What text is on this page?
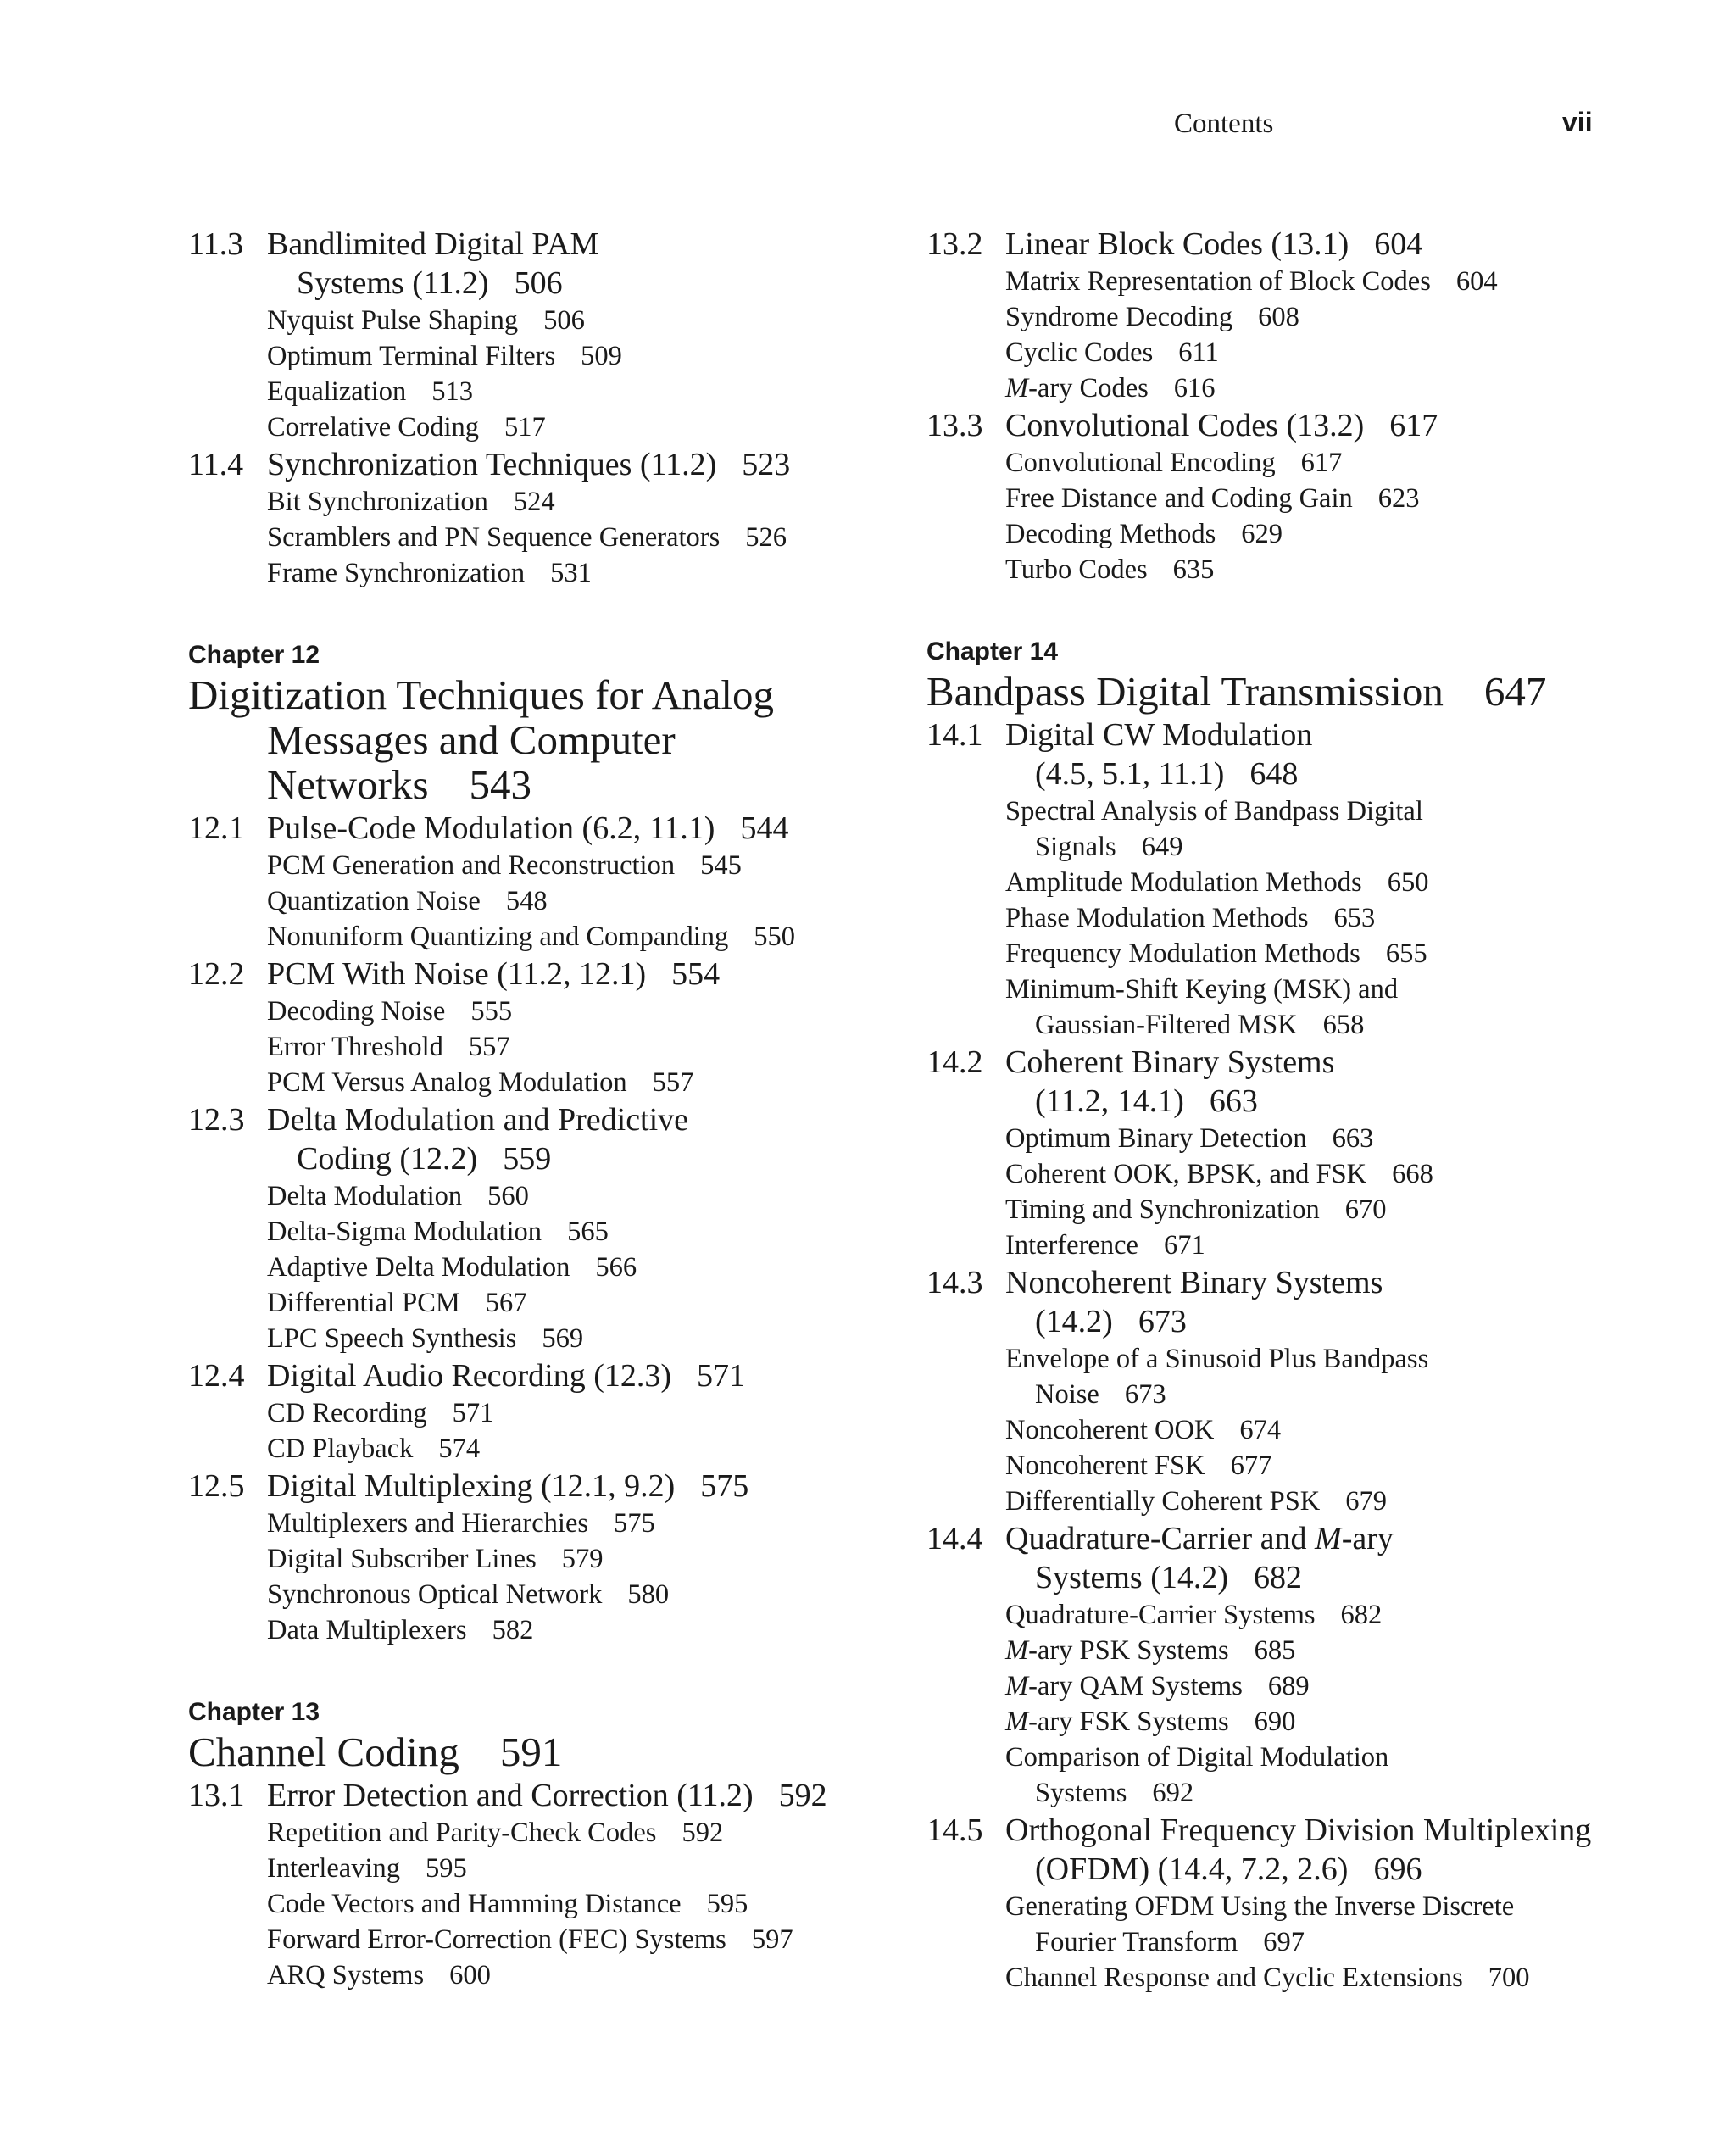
Contents	vii
11.3 Bandlimited Digital PAM
Systems (11.2) 506
Nyquist Pulse Shaping 506
Optimum Terminal Filters 509
Equalization 513
Correlative Coding 517
11.4 Synchronization Techniques (11.2) 523
Bit Synchronization 524
Scramblers and PN Sequence Generators 526
Frame Synchronization 531
Chapter 12
Digitization Techniques for Analog
Messages and Computer
Networks 543
12.1 Pulse-Code Modulation (6.2, 11.1) 544
PCM Generation and Reconstruction 545
Quantization Noise 548
Nonuniform Quantizing and Companding 550
12.2 PCM With Noise (11.2, 12.1) 554
Decoding Noise 555
Error Threshold 557
PCM Versus Analog Modulation 557
12.3 Delta Modulation and Predictive
Coding (12.2) 559
Delta Modulation 560
Delta-Sigma Modulation 565
Adaptive Delta Modulation 566
Differential PCM 567
LPC Speech Synthesis 569
12.4 Digital Audio Recording (12.3) 571
CD Recording 571
CD Playback 574
12.5 Digital Multiplexing (12.1, 9.2) 575
Multiplexers and Hierarchies 575
Digital Subscriber Lines 579
Synchronous Optical Network 580
Data Multiplexers 582
Chapter 13
Channel Coding 591
13.1 Error Detection and Correction (11.2) 592
Repetition and Parity-Check Codes 592
Interleaving 595
Code Vectors and Hamming Distance 595
Forward Error-Correction (FEC) Systems 597
ARQ Systems 600
13.2 Linear Block Codes (13.1) 604
Matrix Representation of Block Codes 604
Syndrome Decoding 608
Cyclic Codes 611
M-ary Codes 616
13.3 Convolutional Codes (13.2) 617
Convolutional Encoding 617
Free Distance and Coding Gain 623
Decoding Methods 629
Turbo Codes 635
Chapter 14
Bandpass Digital Transmission 647
14.1 Digital CW Modulation
(4.5, 5.1, 11.1) 648
Spectral Analysis of Bandpass Digital
Signals 649
Amplitude Modulation Methods 650
Phase Modulation Methods 653
Frequency Modulation Methods 655
Minimum-Shift Keying (MSK) and
Gaussian-Filtered MSK 658
14.2 Coherent Binary Systems
(11.2, 14.1) 663
Optimum Binary Detection 663
Coherent OOK, BPSK, and FSK 668
Timing and Synchronization 670
Interference 671
14.3 Noncoherent Binary Systems
(14.2) 673
Envelope of a Sinusoid Plus Bandpass
Noise 673
Noncoherent OOK 674
Noncoherent FSK 677
Differentially Coherent PSK 679
14.4 Quadrature-Carrier and M-ary
Systems (14.2) 682
Quadrature-Carrier Systems 682
M-ary PSK Systems 685
M-ary QAM Systems 689
M-ary FSK Systems 690
Comparison of Digital Modulation
Systems 692
14.5 Orthogonal Frequency Division Multiplexing
(OFDM) (14.4, 7.2, 2.6) 696
Generating OFDM Using the Inverse Discrete
Fourier Transform 697
Channel Response and Cyclic Extensions 700
